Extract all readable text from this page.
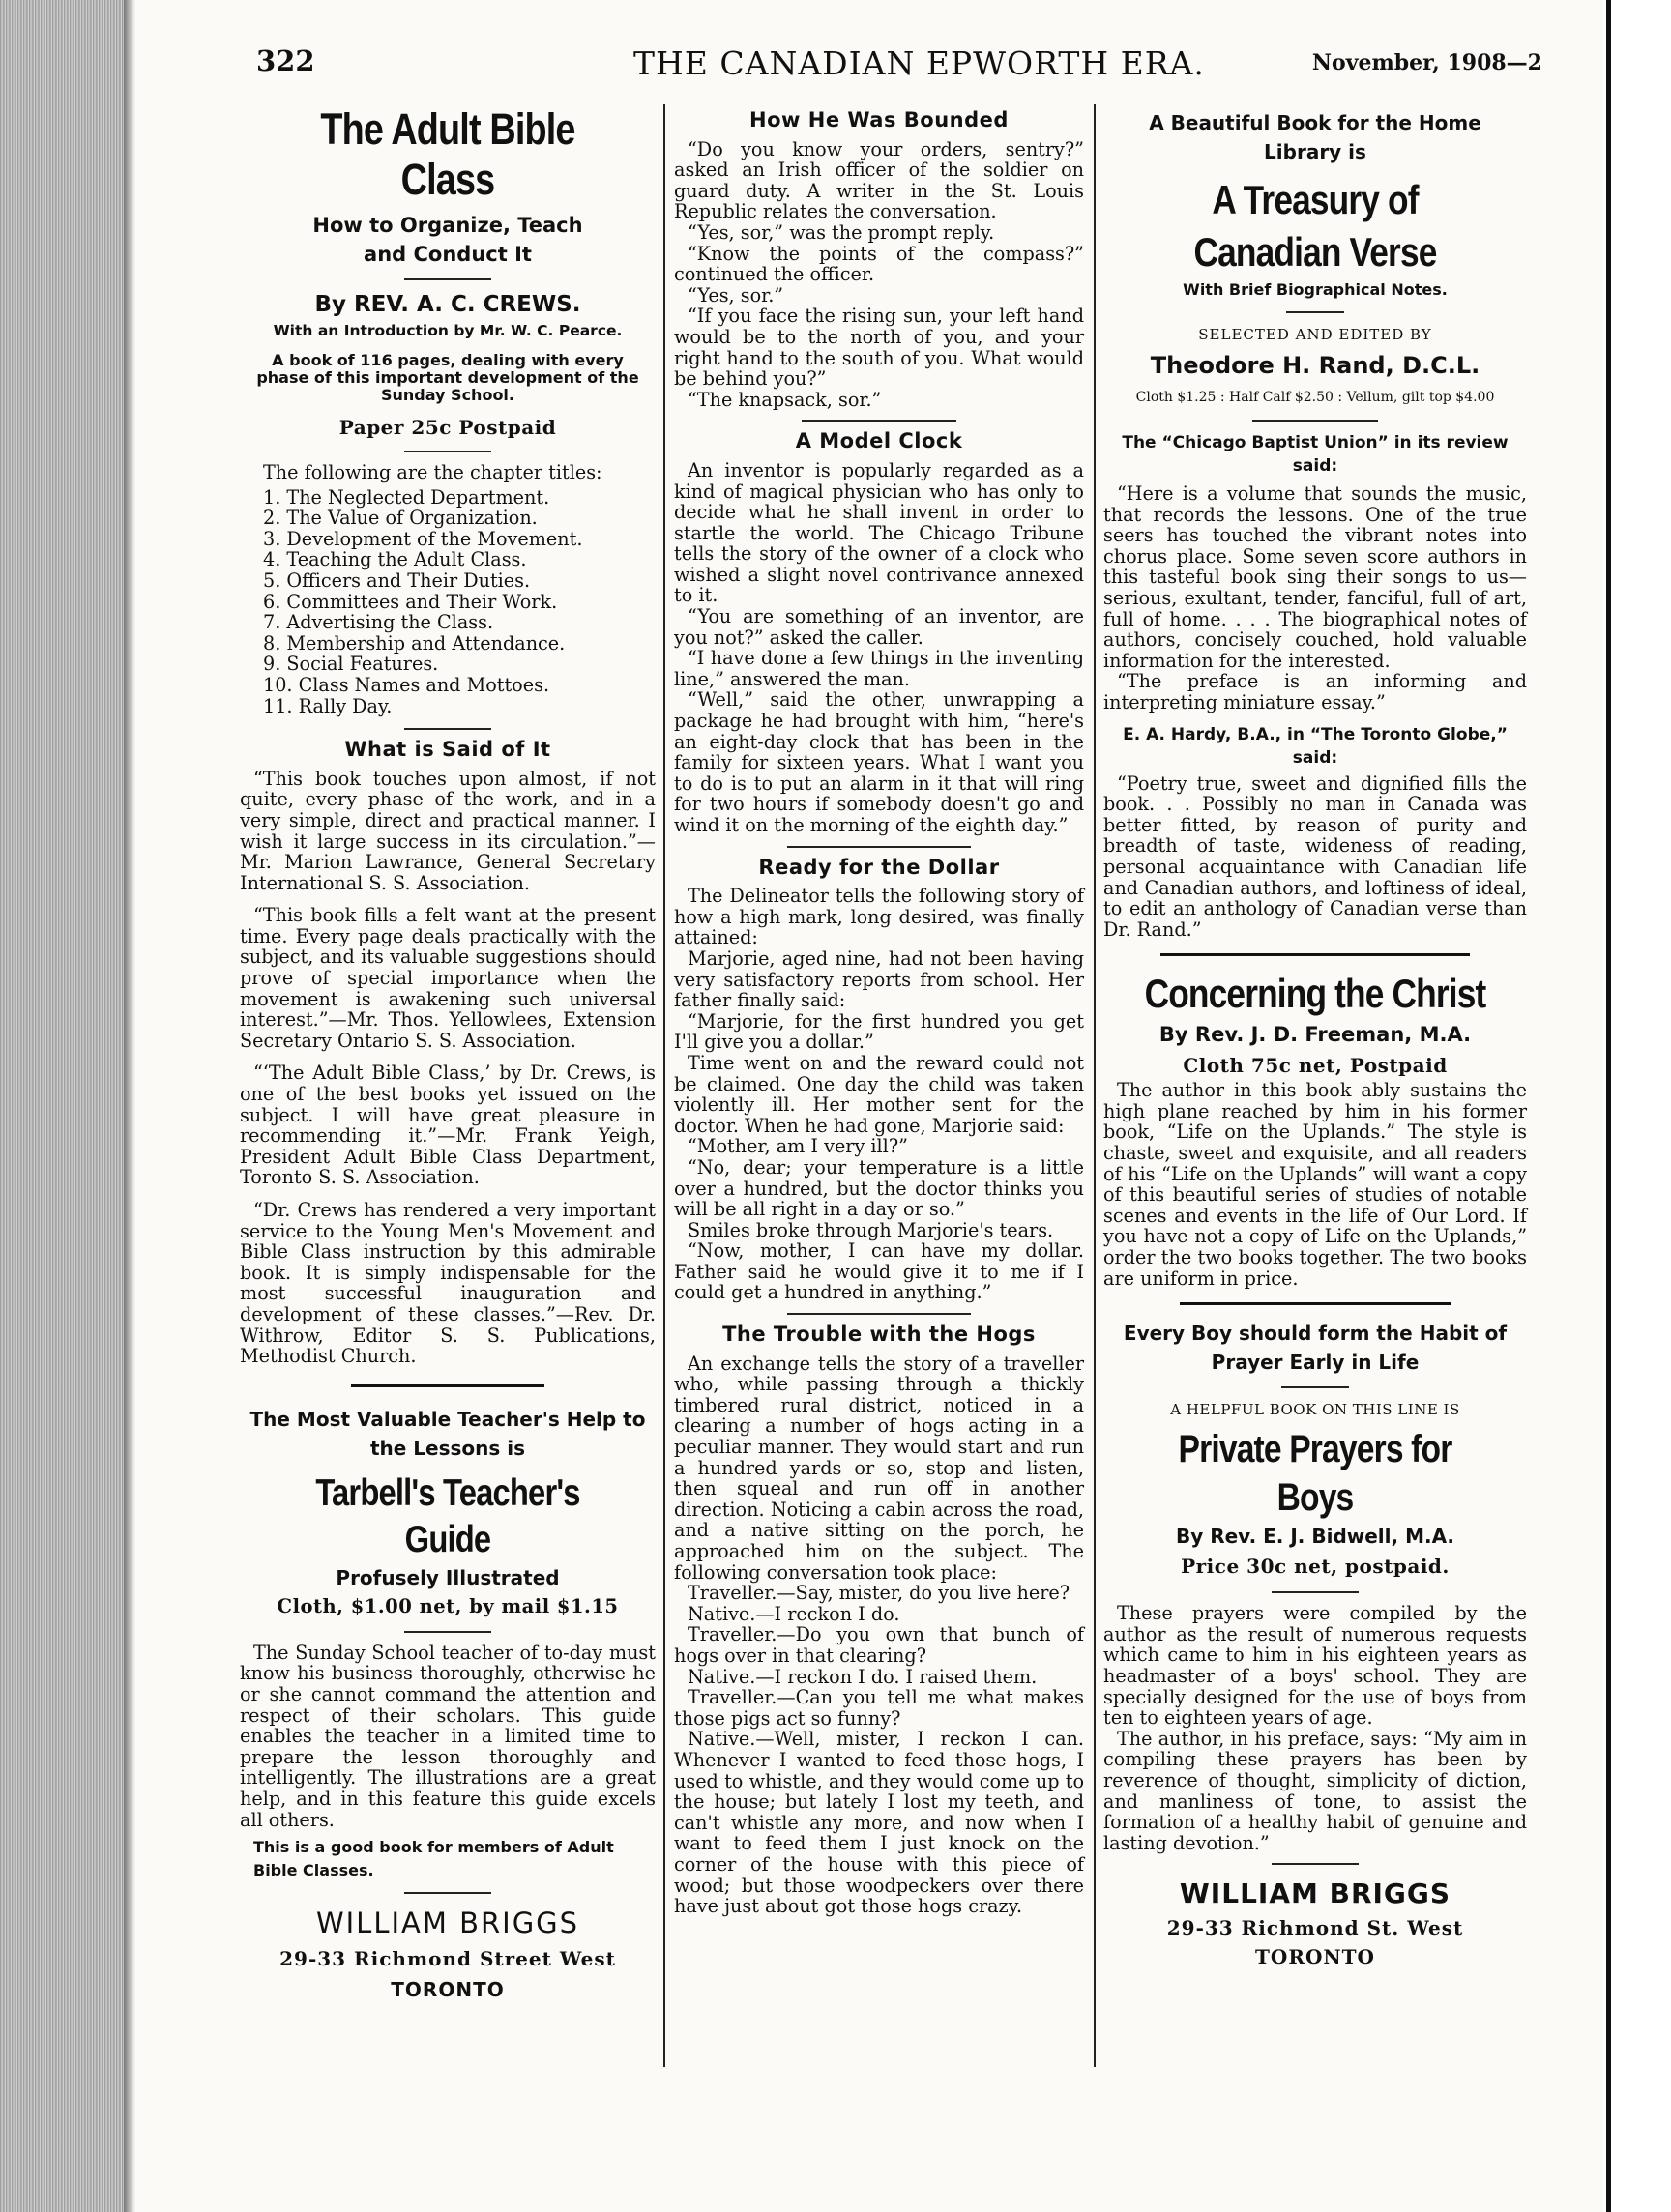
322	THE CANADIAN EPWORTH ERA.	November, 1908—2
The Adult Bible Class
How to Organize, Teach and Conduct It
By REV. A. C. CREWS.
With an Introduction by Mr. W. C. Pearce.
A book of 116 pages, dealing with every phase of this important development of the Sunday School.
Paper 25c Postpaid
The following are the chapter titles:
1. The Neglected Department.
2. The Value of Organization.
3. Development of the Movement.
4. Teaching the Adult Class.
5. Officers and Their Duties.
6. Committees and Their Work.
7. Advertising the Class.
8. Membership and Attendance.
9. Social Features.
10. Class Names and Mottoes.
11. Rally Day.
What is Said of It

“This book touches upon almost, if not quite, every phase of the work, and in a very simple, direct and practical manner. I wish it large success in its circulation.”—Mr. Marion Lawrance, General Secretary International S. S. Association.

“This book fills a felt want at the present time. Every page deals practically with the subject, and its valuable suggestions should prove of special importance when the movement is awakening such universal interest.”—Mr. Thos. Yellowlees, Extension Secretary Ontario S. S. Association.

“‘The Adult Bible Class,’ by Dr. Crews, is one of the best books yet issued on the subject. I will have great pleasure in recommending it.”—Mr. Frank Yeigh, President Adult Bible Class Department, Toronto S. S. Association.

“Dr. Crews has rendered a very important service to the Young Men's Movement and Bible Class instruction by this admirable book. It is simply indispensable for the most successful inauguration and development of these classes.”—Rev. Dr. Withrow, Editor S. S. Publications, Methodist Church.

The Most Valuable Teacher's Help to the Lessons is
Tarbell's Teacher's Guide
Profusely Illustrated
Cloth, $1.00 net, by mail $1.15

The Sunday School teacher of to-day must know his business thoroughly, otherwise he or she cannot command the attention and respect of their scholars. This guide enables the teacher in a limited time to prepare the lesson thoroughly and intelligently. The illustrations are a great help, and in this feature this guide excels all others.

This is a good book for members of Adult Bible Classes.
WILLIAM BRIGGS
29-33 Richmond Street West
TORONTO
How He Was Bounded

“Do you know your orders, sentry?” asked an Irish officer of the soldier on guard duty. A writer in the St. Louis Republic relates the conversation.

“Yes, sor,” was the prompt reply.

“Know the points of the compass?” continued the officer.

“Yes, sor.”

“If you face the rising sun, your left hand would be to the north of you, and your right hand to the south of you. What would be behind you?”

“The knapsack, sor.”

A Model Clock

An inventor is popularly regarded as a kind of magical physician who has only to decide what he shall invent in order to startle the world. The Chicago Tribune tells the story of the owner of a clock who wished a slight novel contrivance annexed to it.

“You are something of an inventor, are you not?” asked the caller.

“I have done a few things in the inventing line,” answered the man.

“Well,” said the other, unwrapping a package he had brought with him, “here's an eight-day clock that has been in the family for sixteen years. What I want you to do is to put an alarm in it that will ring for two hours if somebody doesn't go and wind it on the morning of the eighth day.”

Ready for the Dollar

The Delineator tells the following story of how a high mark, long desired, was finally attained:

Marjorie, aged nine, had not been having very satisfactory reports from school. Her father finally said:

“Marjorie, for the first hundred you get I'll give you a dollar.”

Time went on and the reward could not be claimed. One day the child was taken violently ill. Her mother sent for the doctor. When he had gone, Marjorie said:

“Mother, am I very ill?”

“No, dear; your temperature is a little over a hundred, but the doctor thinks you will be all right in a day or so.”

Smiles broke through Marjorie's tears.

“Now, mother, I can have my dollar. Father said he would give it to me if I could get a hundred in anything.”

The Trouble with the Hogs

An exchange tells the story of a traveller who, while passing through a thickly timbered rural district, noticed in a clearing a number of hogs acting in a peculiar manner. They would start and run a hundred yards or so, stop and listen, then squeal and run off in another direction. Noticing a cabin across the road, and a native sitting on the porch, he approached him on the subject. The following conversation took place:

Traveller.—Say, mister, do you live here?

Native.—I reckon I do.

Traveller.—Do you own that bunch of hogs over in that clearing?

Native.—I reckon I do. I raised them.

Traveller.—Can you tell me what makes those pigs act so funny?

Native.—Well, mister, I reckon I can. Whenever I wanted to feed those hogs, I used to whistle, and they would come up to the house; but lately I lost my teeth, and can't whistle any more, and now when I want to feed them I just knock on the corner of the house with this piece of wood; but those woodpeckers over there have just about got those hogs crazy.

A Beautiful Book for the Home Library is
A Treasury of Canadian Verse
With Brief Biographical Notes.
SELECTED AND EDITED BY
Theodore H. Rand, D.C.L.
Cloth $1.25 : Half Calf $2.50 : Vellum, gilt top $4.00
The “Chicago Baptist Union” in its review said:

“Here is a volume that sounds the music, that records the lessons. One of the true seers has touched the vibrant notes into chorus place. Some seven score authors in this tasteful book sing their songs to us—serious, exultant, tender, fanciful, full of art, full of home. . . . The biographical notes of authors, concisely couched, hold valuable information for the interested.

“The preface is an informing and interpreting miniature essay.”

E. A. Hardy, B.A., in “The Toronto Globe,” said:

“Poetry true, sweet and dignified fills the book. . . Possibly no man in Canada was better fitted, by reason of purity and breadth of taste, wideness of reading, personal acquaintance with Canadian life and Canadian authors, and loftiness of ideal, to edit an anthology of Canadian verse than Dr. Rand.”

Concerning the Christ
By Rev. J. D. Freeman, M.A.
Cloth 75c net, Postpaid

The author in this book ably sustains the high plane reached by him in his former book, “Life on the Uplands.” The style is chaste, sweet and exquisite, and all readers of his “Life on the Uplands” will want a copy of this beautiful series of studies of notable scenes and events in the life of Our Lord. If you have not a copy of Life on the Uplands,” order the two books together. The two books are uniform in price.

Every Boy should form the Habit of Prayer Early in Life
A HELPFUL BOOK ON THIS LINE IS
Private Prayers for Boys
By Rev. E. J. Bidwell, M.A.
Price 30c net, postpaid.

These prayers were compiled by the author as the result of numerous requests which came to him in his eighteen years as headmaster of a boys' school. They are specially designed for the use of boys from ten to eighteen years of age.

The author, in his preface, says: “My aim in compiling these prayers has been by reverence of thought, simplicity of diction, and manliness of tone, to assist the formation of a healthy habit of genuine and lasting devotion.”

WILLIAM BRIGGS
29-33 Richmond St. West
TORONTO
